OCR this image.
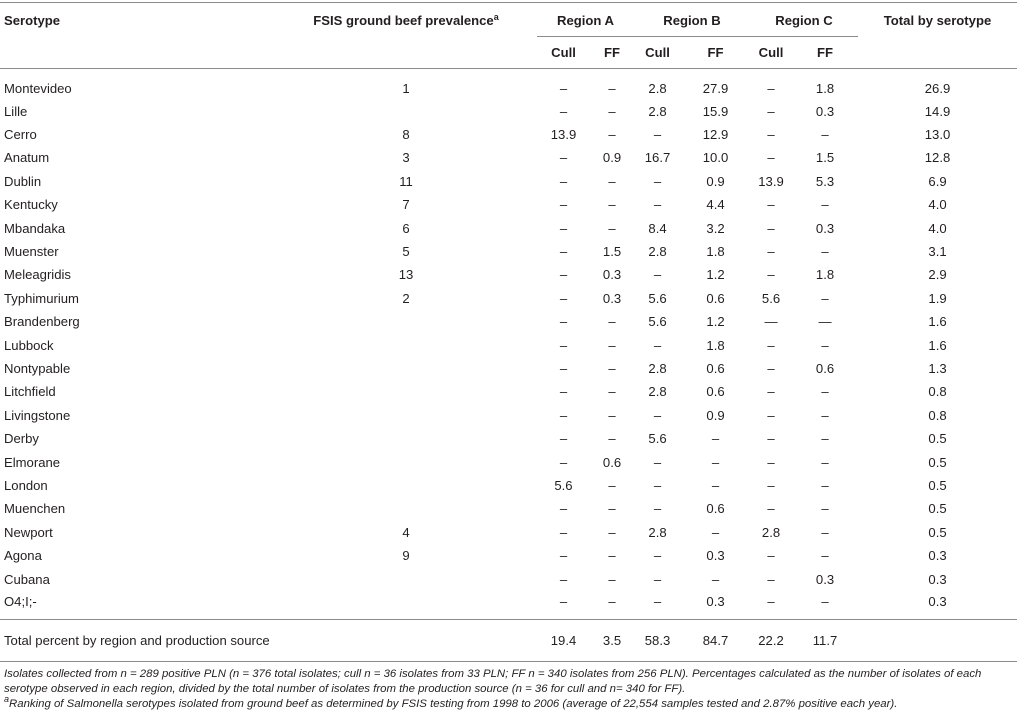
Serotype	FSIS ground beef prevalence$^a$	Region A		Region B		Region C		Total by serotype
		Cull	FF	Cull	FF	Cull	FF	
Montevideo	1	–	–	2.8	27.9	–	1.8	26.9
Lille		–	–	2.8	15.9	–	0.3	14.9
Cerro	8	13.9	–	–	12.9	–	–	13.0
Anatum	3	–	0.9	16.7	10.0	–	1.5	12.8
Dublin	11	–	–	–	0.9	13.9	5.3	6.9
Kentucky	7	–	–	–	4.4	–	–	4.0
Mbandaka	6	–	–	8.4	3.2	–	0.3	4.0
Muenster	5	–	1.5	2.8	1.8	–	–	3.1
Meleagridis	13	–	0.3	–	1.2	–	1.8	2.9
Typhimurium	2	–	0.3	5.6	0.6	5.6	–	1.9
Brandenberg		–	–	5.6	1.2	—	—	1.6
Lubbock		–	–	–	1.8	–	–	1.6
Nontypable		–	–	2.8	0.6	–	0.6	1.3
Litchfield		–	–	2.8	0.6	–	–	0.8
Livingstone		–	–	–	0.9	–	–	0.8
Derby		–	–	5.6	–	–	–	0.5
Elmorane		–	0.6	–	–	–	–	0.5
London		5.6	–	–	–	–	–	0.5
Muenchen		–	–	–	0.6	–	–	0.5
Newport	4	–	–	2.8	–	2.8	–	0.5
Agona	9	–	–	–	0.3	–	–	0.3
Cubana		–	–	–	–	–	0.3	0.3
O4;I;-		–	–	–	0.3	–	–	0.3
Total percent by region and production source		19.4	3.5	58.3	84.7	22.2	11.7	

Isolates collected from n = 289 positive PLN (n = 376 total isolates; cull n = 36 isolates from 33 PLN; FF n = 340 isolates from 256 PLN). Percentages calculated as the number of isolates of each serotype observed in each region, divided by the total number of isolates from the production source (n = 36 for cull and n= 340 for FF).

$^a$Ranking of Salmonella serotypes isolated from ground beef as determined by FSIS testing from 1998 to 2006 (average of 22,554 samples tested and 2.87% positive each year).
